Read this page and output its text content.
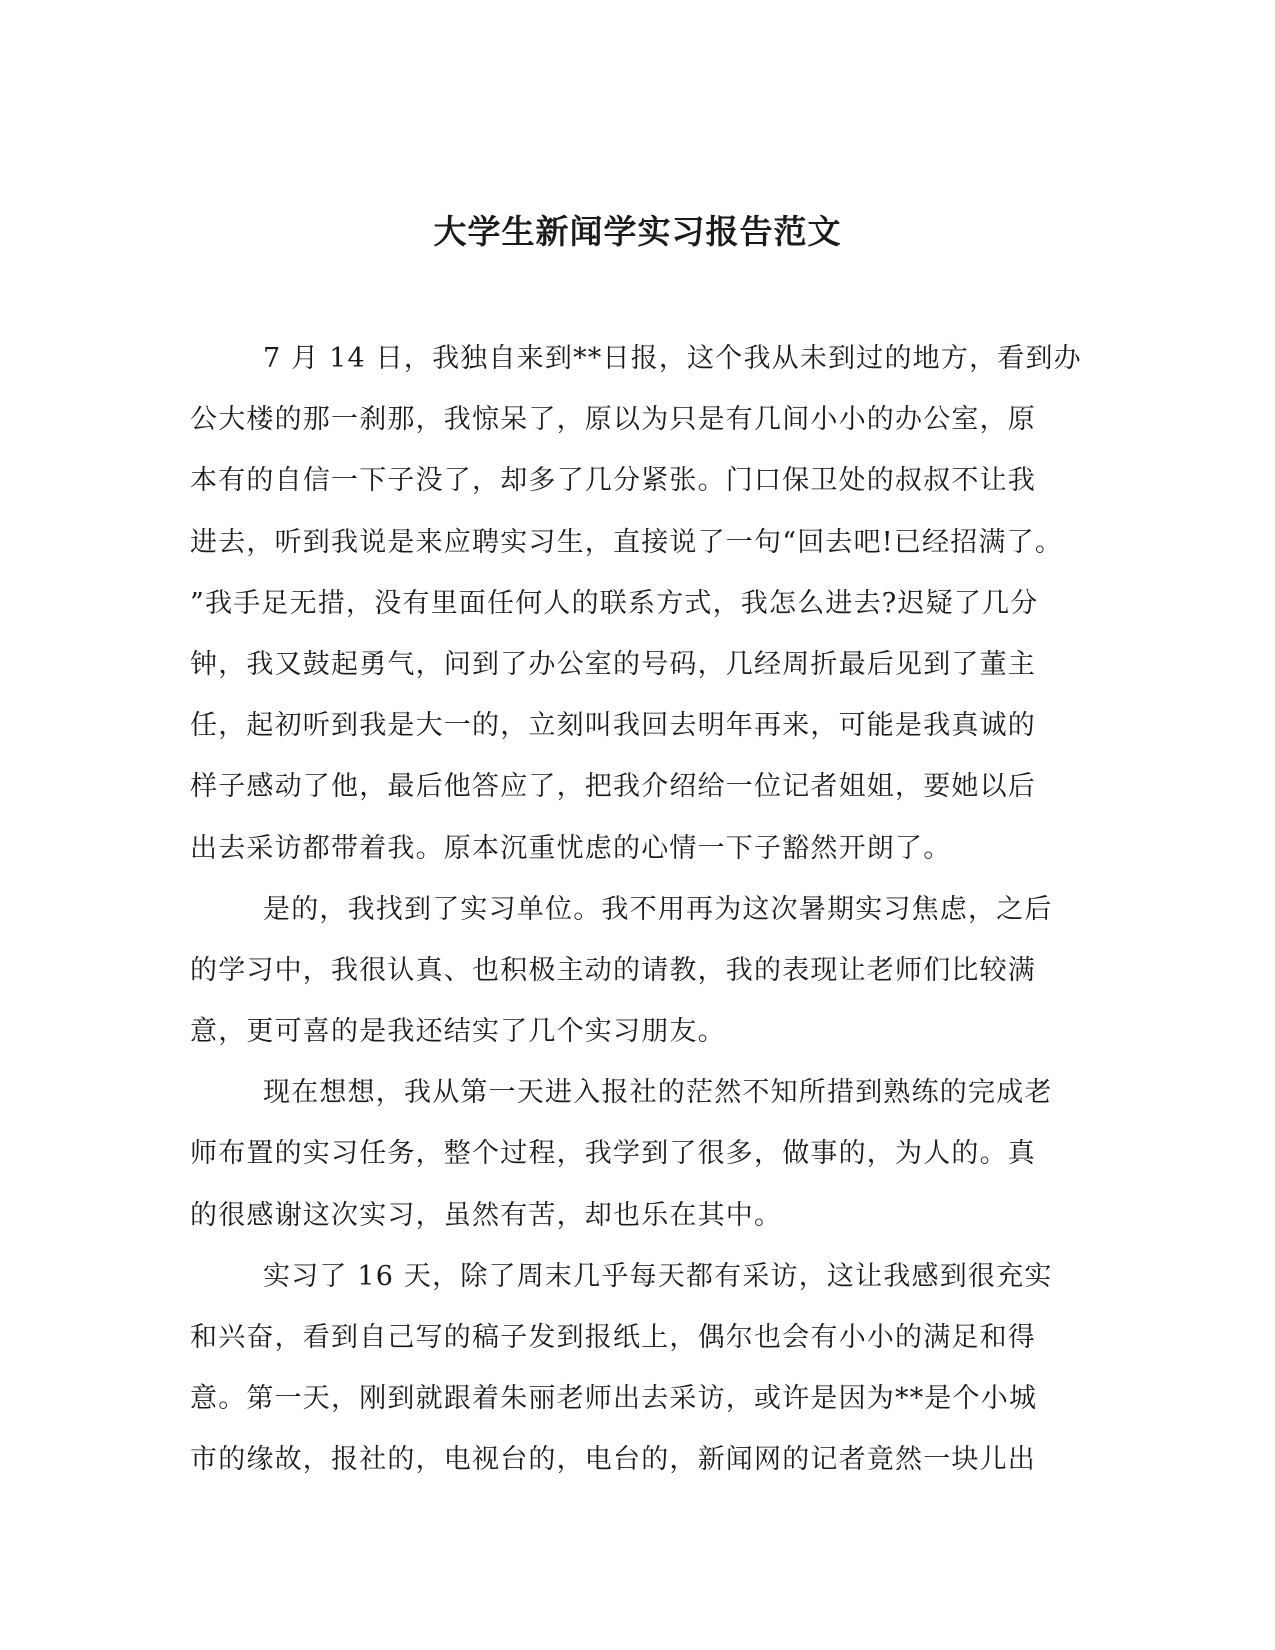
大学生新闻学实习报告范文
7 月 14 日，我独自来到**日报，这个我从未到过的地方，看到办
公大楼的那一刹那，我惊呆了，原以为只是有几间小小的办公室，原
本有的自信一下子没了，却多了几分紧张。门口保卫处的叔叔不让我
进去，听到我说是来应聘实习生，直接说了一句“回去吧!已经招满了。
”我手足无措，没有里面任何人的联系方式，我怎么进去?迟疑了几分
钟，我又鼓起勇气，问到了办公室的号码，几经周折最后见到了董主
任，起初听到我是大一的，立刻叫我回去明年再来，可能是我真诚的
样子感动了他，最后他答应了，把我介绍给一位记者姐姐，要她以后
出去采访都带着我。原本沉重忧虑的心情一下子豁然开朗了。
是的，我找到了实习单位。我不用再为这次暑期实习焦虑，之后
的学习中，我很认真、也积极主动的请教，我的表现让老师们比较满
意，更可喜的是我还结实了几个实习朋友。
现在想想，我从第一天进入报社的茫然不知所措到熟练的完成老
师布置的实习任务，整个过程，我学到了很多，做事的，为人的。真
的很感谢这次实习，虽然有苦，却也乐在其中。
实习了 16 天，除了周末几乎每天都有采访，这让我感到很充实
和兴奋，看到自己写的稿子发到报纸上，偶尔也会有小小的满足和得
意。第一天，刚到就跟着朱丽老师出去采访，或许是因为**是个小城
市的缘故，报社的，电视台的，电台的，新闻网的记者竟然一块儿出
